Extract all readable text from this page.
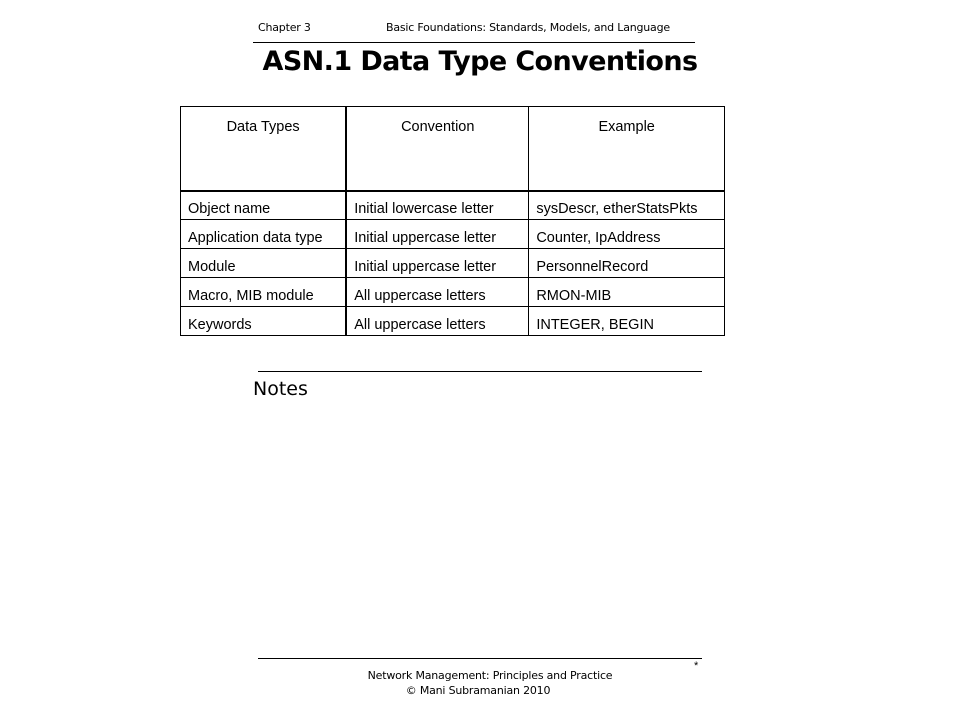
Chapter 3	Basic Foundations: Standards, Models, and Language
ASN.1 Data Type Conventions
Data Types	Convention	Example
Object name	Initial lowercase letter	sysDescr, etherStatsPkts
Application data type	Initial uppercase letter	Counter, IpAddress
Module	Initial uppercase letter	PersonnelRecord
Macro, MIB module	All uppercase letters	RMON-MIB
Keywords	All uppercase letters	INTEGER, BEGIN
Notes
*
Network Management: Principles and Practice
© Mani Subramanian 2010
